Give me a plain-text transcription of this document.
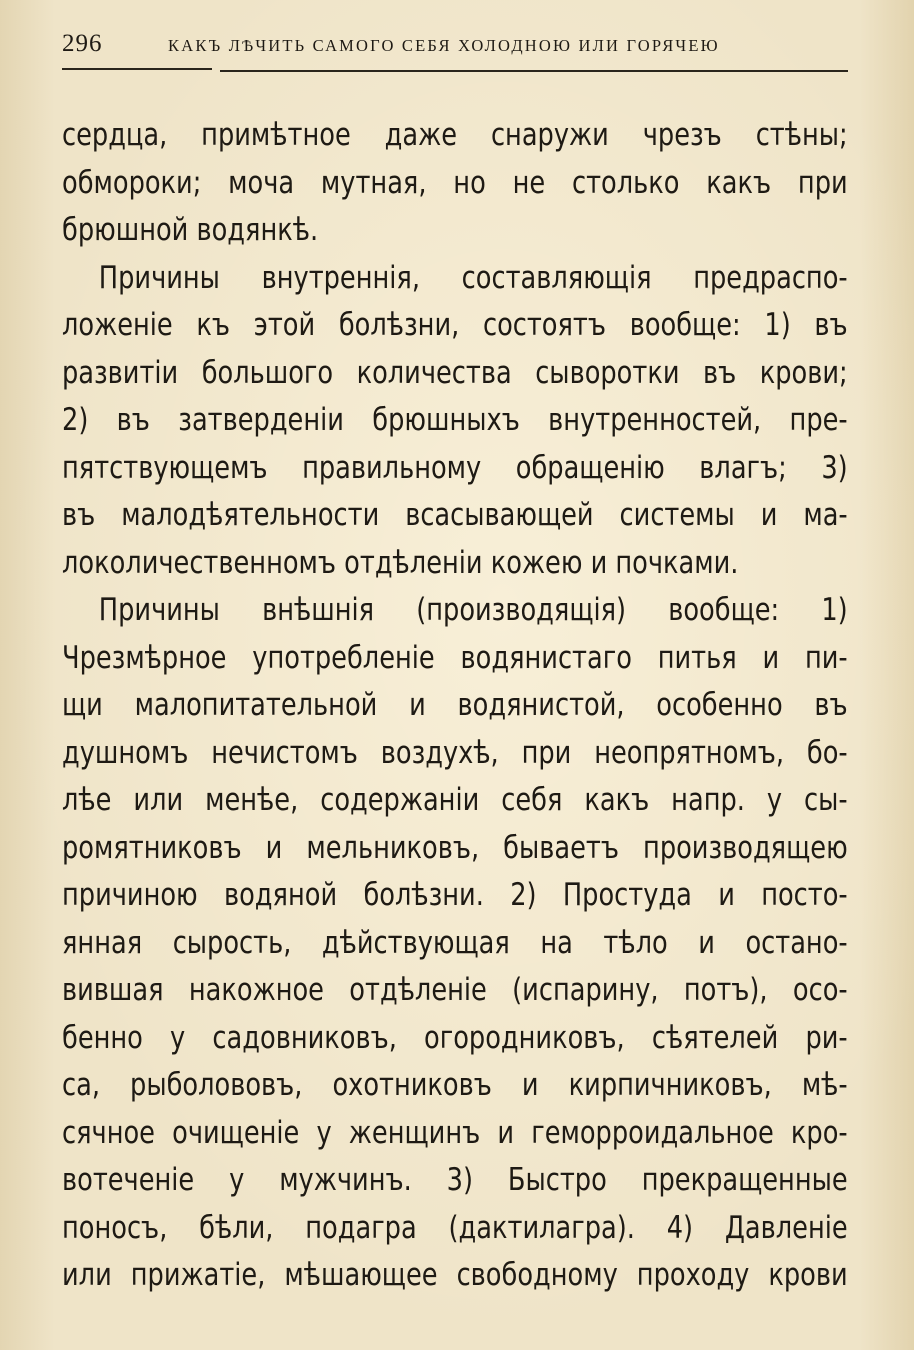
296	КАКЪ ЛѢЧИТЬ САМОГО СЕБЯ ХОЛОДНОЮ ИЛИ ГОРЯЧЕЮ
сердца, примѣтное даже снаружи чрезъ стѣны;
обмороки; моча мутная, но не столько какъ при
брюшной водянкѣ.
Причины внутреннія, составляющія предраспо-
ложеніе къ этой болѣзни, состоятъ вообще: 1) въ
развитіи большого количества сыворотки въ крови;
2) въ затверденіи брюшныхъ внутренностей, пре-
пятствующемъ правильному обращенію влагъ; 3)
въ малодѣятельности всасывающей системы и ма-
локоличественномъ отдѣленіи кожею и почками.
Причины внѣшнія (производящія) вообще: 1)
Чрезмѣрное употребленіе водянистаго питья и пи-
щи малопитательной и водянистой, особенно въ
душномъ нечистомъ воздухѣ, при неопрятномъ, бо-
лѣе или менѣе, содержаніи себя какъ напр. у сы-
ромятниковъ и мельниковъ, бываетъ производящею
причиною водяной болѣзни. 2) Простуда и посто-
янная сырость, дѣйствующая на тѣло и остано-
вившая накожное отдѣленіе (испарину, потъ), осо-
бенно у садовниковъ, огородниковъ, сѣятелей ри-
са, рыболововъ, охотниковъ и кирпичниковъ, мѣ-
сячное очищеніе у женщинъ и геморроидальное кро-
вотеченіе у мужчинъ. 3) Быстро прекращенные
поносъ, бѣли, подагра (дактилагра). 4) Давленіе
или прижатіе, мѣшающее свободному проходу крови
